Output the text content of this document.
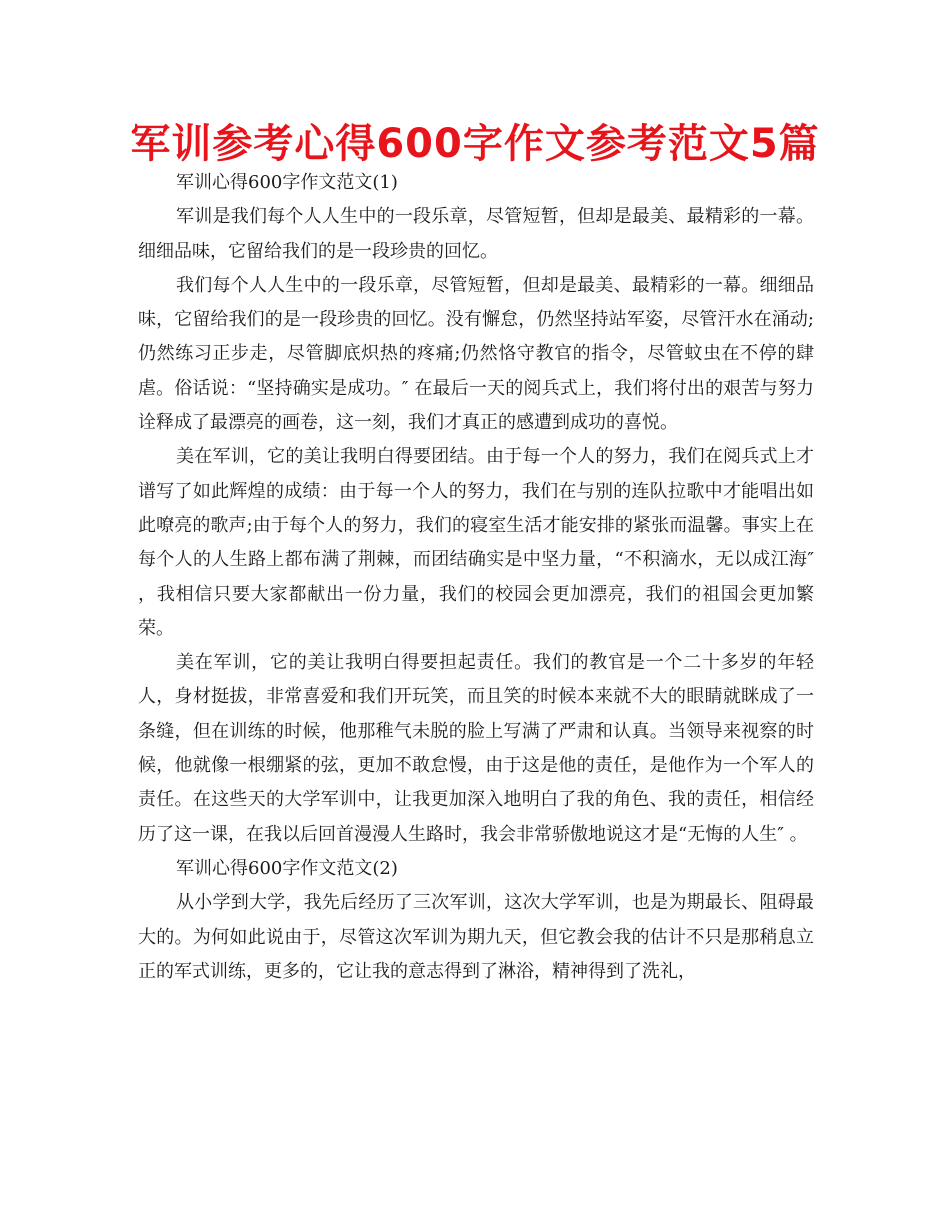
军训参考心得600字作文参考范文5篇

军训心得600字作文范文(1)

军训是我们每个人人生中的一段乐章，尽管短暂，但却是最美、最精彩的一幕。细细品味，它留给我们的是一段珍贵的回忆。

我们每个人人生中的一段乐章，尽管短暂，但却是最美、最精彩的一幕。细细品味，它留给我们的是一段珍贵的回忆。没有懈怠，仍然坚持站军姿，尽管汗水在涌动;仍然练习正步走，尽管脚底炽热的疼痛;仍然恪守教官的指令，尽管蚊虫在不停的肆虐。俗话说：“坚持确实是成功。″ 在最后一天的阅兵式上，我们将付出的艰苦与努力诠释成了最漂亮的画卷，这一刻，我们才真正的感遭到成功的喜悦。

美在军训，它的美让我明白得要团结。由于每一个人的努力，我们在阅兵式上才谱写了如此辉煌的成绩：由于每一个人的努力，我们在与别的连队拉歌中才能唱出如此嘹亮的歌声;由于每个人的努力，我们的寝室生活才能安排的紧张而温馨。事实上在每个人的人生路上都布满了荆棘，而团结确实是中坚力量，“不积滴水，无以成江海″ ，我相信只要大家都献出一份力量，我们的校园会更加漂亮，我们的祖国会更加繁荣。

美在军训，它的美让我明白得要担起责任。我们的教官是一个二十多岁的年轻人，身材挺拔，非常喜爱和我们开玩笑，而且笑的时候本来就不大的眼睛就眯成了一条缝，但在训练的时候，他那稚气未脱的脸上写满了严肃和认真。当领导来视察的时候，他就像一根绷紧的弦，更加不敢怠慢，由于这是他的责任，是他作为一个军人的责任。在这些天的大学军训中，让我更加深入地明白了我的角色、我的责任，相信经历了这一课，在我以后回首漫漫人生路时，我会非常骄傲地说这才是“无悔的人生″ 。

军训心得600字作文范文(2)

从小学到大学，我先后经历了三次军训，这次大学军训，也是为期最长、阻碍最大的。为何如此说由于，尽管这次军训为期九天，但它教会我的估计不只是那稍息立正的军式训练，更多的，它让我的意志得到了淋浴，精神得到了洗礼，
